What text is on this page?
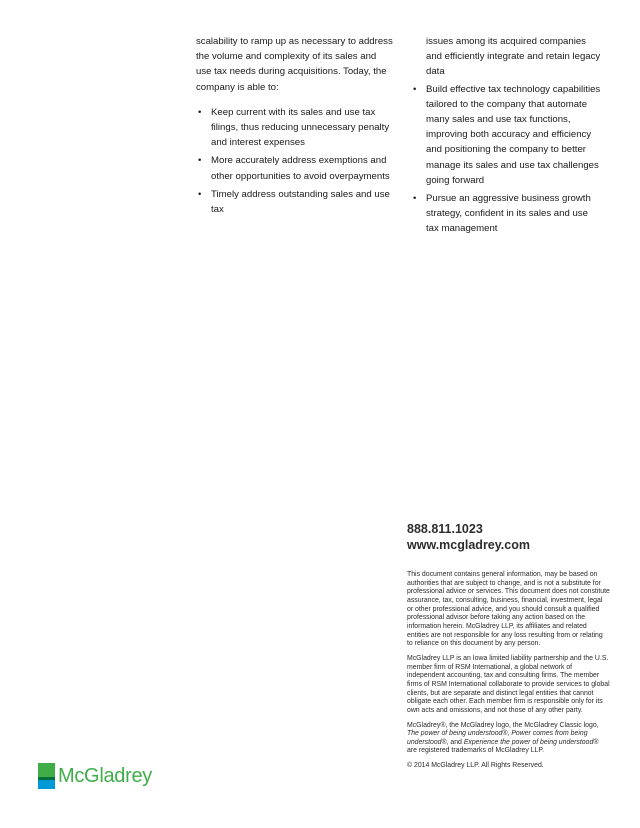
scalability to ramp up as necessary to address the volume and complexity of its sales and use tax needs during acquisitions. Today, the company is able to:

• Keep current with its sales and use tax filings, thus reducing unnecessary penalty and interest expenses
• More accurately address exemptions and other opportunities to avoid overpayments
• Timely address outstanding sales and use tax

issues among its acquired companies and efficiently integrate and retain legacy data

• Build effective tax technology capabilities tailored to the company that automate many sales and use tax functions, improving both accuracy and efficiency and positioning the company to better manage its sales and use tax challenges going forward
• Pursue an aggressive business growth strategy, confident in its sales and use tax management
888.811.1023
www.mcgladrey.com

This document contains general information, may be based on authorities that are subject to change, and is not a substitute for professional advice or services. This document does not constitute assurance, tax, consulting, business, financial, investment, legal or other professional advice, and you should consult a qualified professional advisor before taking any action based on the information herein. McGladrey LLP, its affiliates and related entities are not responsible for any loss resulting from or relating to reliance on this document by any person.

McGladrey LLP is an Iowa limited liability partnership and the U.S. member firm of RSM International, a global network of independent accounting, tax and consulting firms. The member firms of RSM International collaborate to provide services to global clients, but are separate and distinct legal entities that cannot obligate each other. Each member firm is responsible only for its own acts and omissions, and not those of any other party.

McGladrey®, the McGladrey logo, the McGladrey Classic logo, The power of being understood®, Power comes from being understood®, and Experience the power of being understood® are registered trademarks of McGladrey LLP.

© 2014 McGladrey LLP. All Rights Reserved.

McGladrey
